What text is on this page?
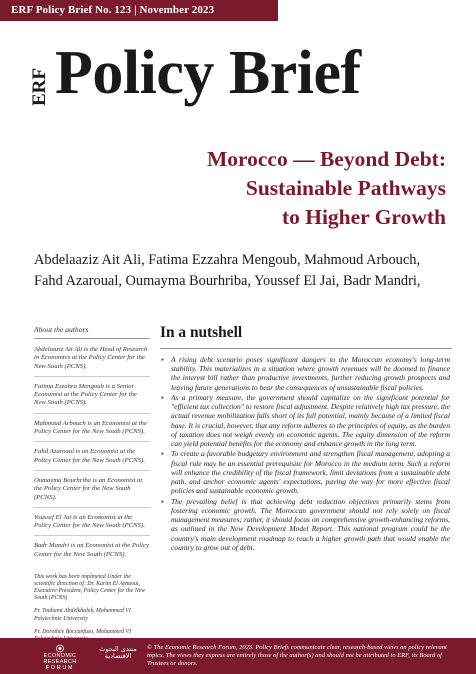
ERF Policy Brief No. 123 | November 2023
ERF Policy Brief
Morocco — Beyond Debt:
Sustainable Pathways
to Higher Growth
Abdelaaziz Ait Ali, Fatima Ezzahra Mengoub, Mahmoud Arbouch,
Fahd Azaroual, Oumayma Bourhriba, Youssef El Jai, Badr Mandri,
About the authors
Abdelaaziz Ait Ali is the Head of Research in Economics at the Policy Center for the New South (PCNS).
Fatima Ezzahra Mengoub is a Senior Economist at the Policy Center for the New South (PCNS).
Mahmoud Arbouch is an Economist at the Policy Center for the New South (PCNS).
Fahd Azaroual is an Economist at the Policy Center for the New South (PCNS).
Oumayma Bourhriba is an Economist at the Policy Center for the New South (PCNS).
Youssef El Jai is an Economist at the Policy Center for the New South (PCNS).
Badr Mandri is an Economist at the Policy Center for the New South (PCNS).
This work has been implmeted Under the scientific direction of: Dr. Karim El Aynaoui, Executive President, Policy Center for the New South (PCNS)
Pr. Touhami Abdelkhalek, Mohammed VI Polytechnic University
Pr. Dorothée Boccanfuso, Mohammed VI
In a nutshell
▪ A rising debt scenario poses significant dangers to the Moroccan economy's long-term stability. This materializes in a situation where growth revenues will be doomed to finance the interest bill rather than productive investments, further reducing growth prospects and leaving future generations to bear the consequences of unsustainable fiscal policies.
▪ As a primary measure, the government should capitalize on the significant potential for "efficient tax collection" to restore fiscal adjustment. Despite relatively high tax pressure, the actual revenue mobilization falls short of its full potential, mainly because of a limited fiscal base. It is crucial, however, that any reform adheres to the principles of equity, as the burden of taxation does not weigh evenly on economic agents. The equity dimension of the reform can yield potential benefits for the economy and enhance growth in the long term.
▪ To create a favorable budgetary environment and strengthen fiscal management, adopting a fiscal rule may be an essential prerequisite for Morocco in the medium term. Such a reform will enhance the credibility of the fiscal framework, limit deviations from a sustainable debt path, and anchor economic agents' expectations, paving the way for more effective fiscal policies and sustainable economic growth.
▪ The prevailing belief is that achieving debt reduction objectives primarily stems from fostering economic growth. The Moroccan government should not rely solely on fiscal management measures; rather, it should focus on comprehensive growth-enhancing reforms, as outlined in the New Development Model Report. This national program could be the country's main development roadmap to reach a higher growth path that would enable the country to grow out of debt.
ECONOMIC
RESEARCH
FORUM
منتدى البحوث الاقتصادية
© The Economic Research Forum, 2023. Policy Briefs communicate clear, research-based views on policy relevant topics. The views they express are entirely those of the author(s) and should not be attributed to ERF, its Board of Trustees or donors.
